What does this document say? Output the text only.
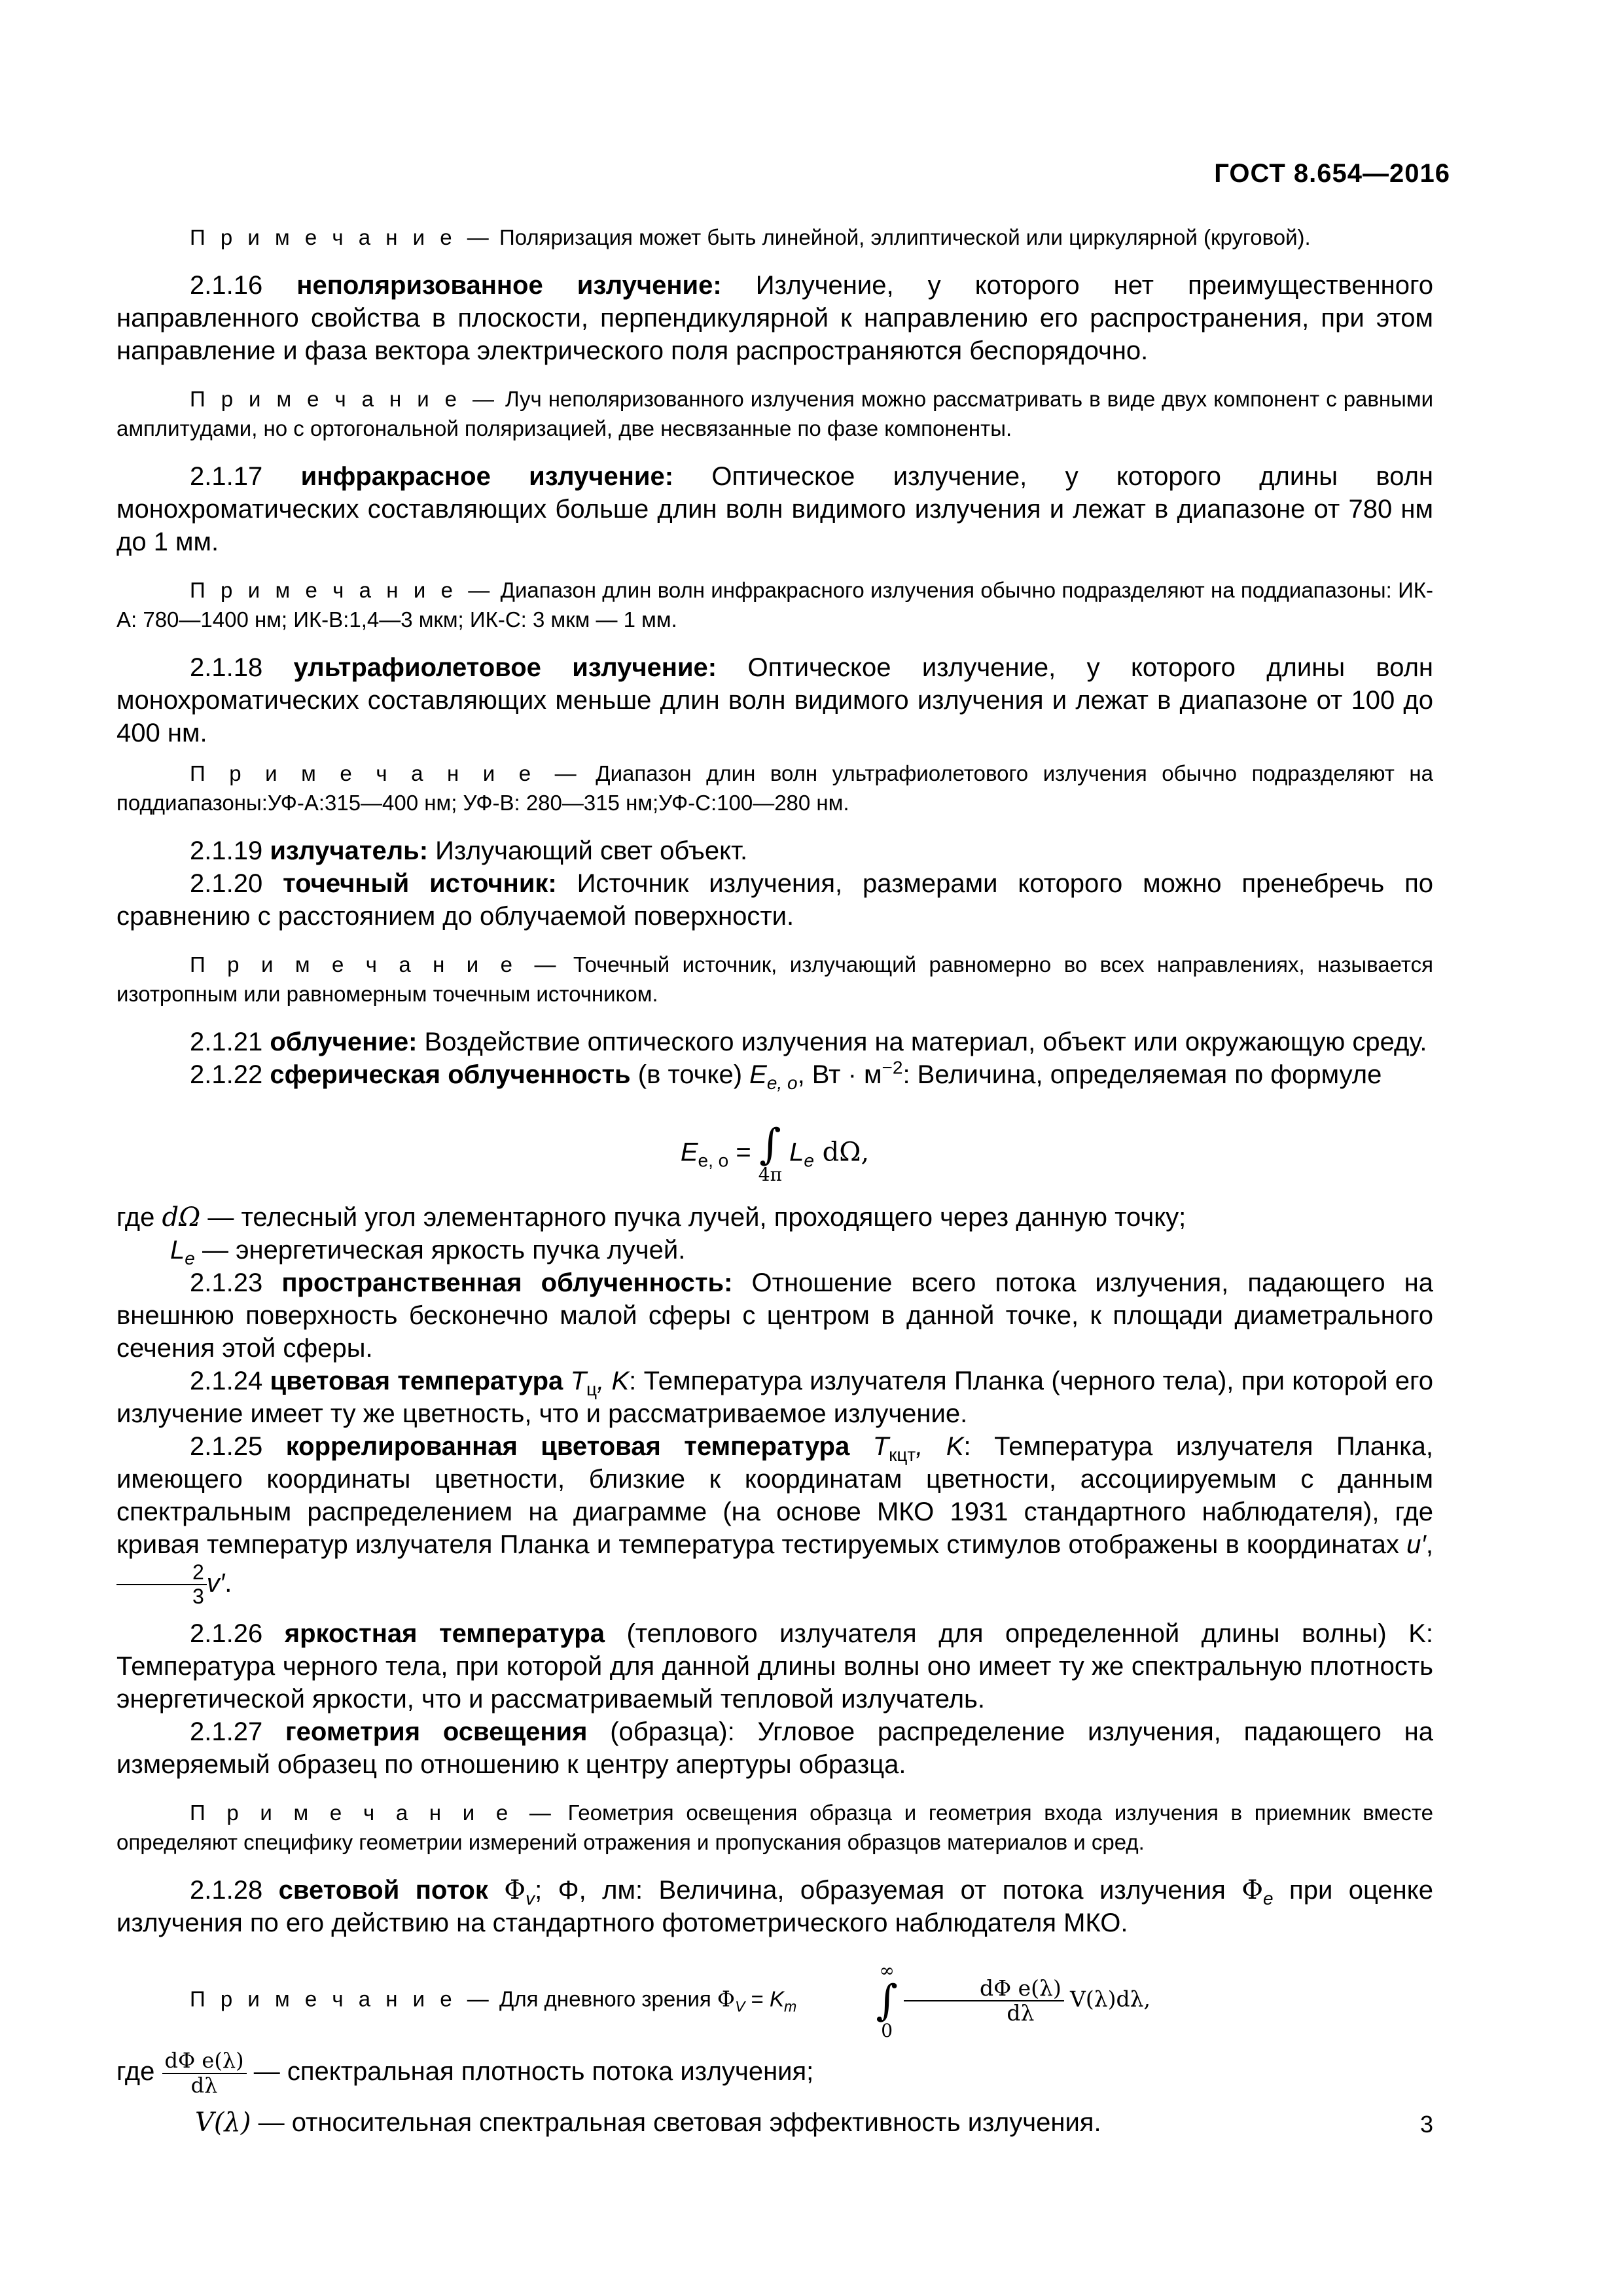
ГОСТ 8.654—2016

П р и м е ч а н и е — Поляризация может быть линейной, эллиптической или циркулярной (круговой).

2.1.16 неполяризованное излучение: Излучение, у которого нет преимущественного направленного свойства в плоскости, перпендикулярной к направлению его распространения, при этом направление и фаза вектора электрического поля распространяются беспорядочно.

П р и м е ч а н и е — Луч неполяризованного излучения можно рассматривать в виде двух компонент с равными амплитудами, но с ортогональной поляризацией, две несвязанные по фазе компоненты.

2.1.17 инфракрасное излучение: Оптическое излучение, у которого длины волн монохроматических составляющих больше длин волн видимого излучения и лежат в диапазоне от 780 нм до 1 мм.

П р и м е ч а н и е — Диапазон длин волн инфракрасного излучения обычно подразделяют на поддиапазоны: ИК-А: 780—1400 нм; ИК-В:1,4—3 мкм; ИК-С: 3 мкм — 1 мм.

2.1.18 ультрафиолетовое излучение: Оптическое излучение, у которого длины волн монохроматических составляющих меньше длин волн видимого излучения и лежат в диапазоне от 100 до 400 нм.

П р и м е ч а н и е — Диапазон длин волн ультрафиолетового излучения обычно подразделяют на поддиапазоны:УФ-А:315—400 нм; УФ-В: 280—315 нм;УФ-С:100—280 нм.

2.1.19 излучатель: Излучающий свет объект.

2.1.20 точечный источник: Источник излучения, размерами которого можно пренебречь по сравнению с расстоянием до облучаемой поверхности.

П р и м е ч а н и е — Точечный источник, излучающий равномерно во всех направлениях, называется изотропным или равномерным точечным источником.

2.1.21 облучение: Воздействие оптического излучения на материал, объект или окружающую среду.

2.1.22 сферическая облученность (в точке) $E_{e, o}$, Вт · $м^{-2}$: Величина, определяемая по формуле

$E_{e, o}$ = ∫
4π
$L_e$ dΩ,

где dΩ — телесный угол элементарного пучка лучей, проходящего через данную точку;

$L_e$ — энергетическая яркость пучка лучей.

2.1.23 пространственная облученность: Отношение всего потока излучения, падающего на внешнюю поверхность бесконечно малой сферы с центром в данной точке, к площади диаметрального сечения этой сферы.

2.1.24 цветовая температура $T_ц$, K: Температура излучателя Планка (черного тела), при которой его излучение имеет ту же цветность, что и рассматриваемое излучение.

2.1.25 коррелированная цветовая температура $T_{кцт}$, K: Температура излучателя Планка, имеющего координаты цветности, близкие к координатам цветности, ассоциируемым с данным спектральным распределением на диаграмме (на основе МКО 1931 стандартного наблюдателя), где кривая температур излучателя Планка и температура тестируемых стимулов отображены в координатах u′,
$\frac{2}{3} v'$.

2.1.26 яркостная температура (теплового излучателя для определенной длины волны) K: Температура черного тела, при которой для данной длины волны оно имеет ту же спектральную плотность энергетической яркости, что и рассматриваемый тепловой излучатель.

2.1.27 геометрия освещения (образца): Угловое распределение излучения, падающего на измеряемый образец по отношению к центру апертуры образца.

П р и м е ч а н и е — Геометрия освещения образца и геометрия входа излучения в приемник вместе определяют специфику геометрии измерений отражения и пропускания образцов материалов и сред.

2.1.28 световой поток $\Phi_v$; Φ, лм: Величина, образуемая от потока излучения $\Phi_e$ при оценке излучения по его действию на стандартного фотометрического наблюдателя МКО.

П р и м е ч а н и е — Для дневного зрения $\Phi_V = K_m$
∞
∫
0

$\frac{\text{dΦ e(λ)}}{d\lambda} V(\lambda)d\lambda$,

где $\frac{\text{dΦ e(λ)}}{d\lambda}$ — спектральная плотность потока излучения;

V(λ) — относительная спектральная световая эффективность излучения.	3
